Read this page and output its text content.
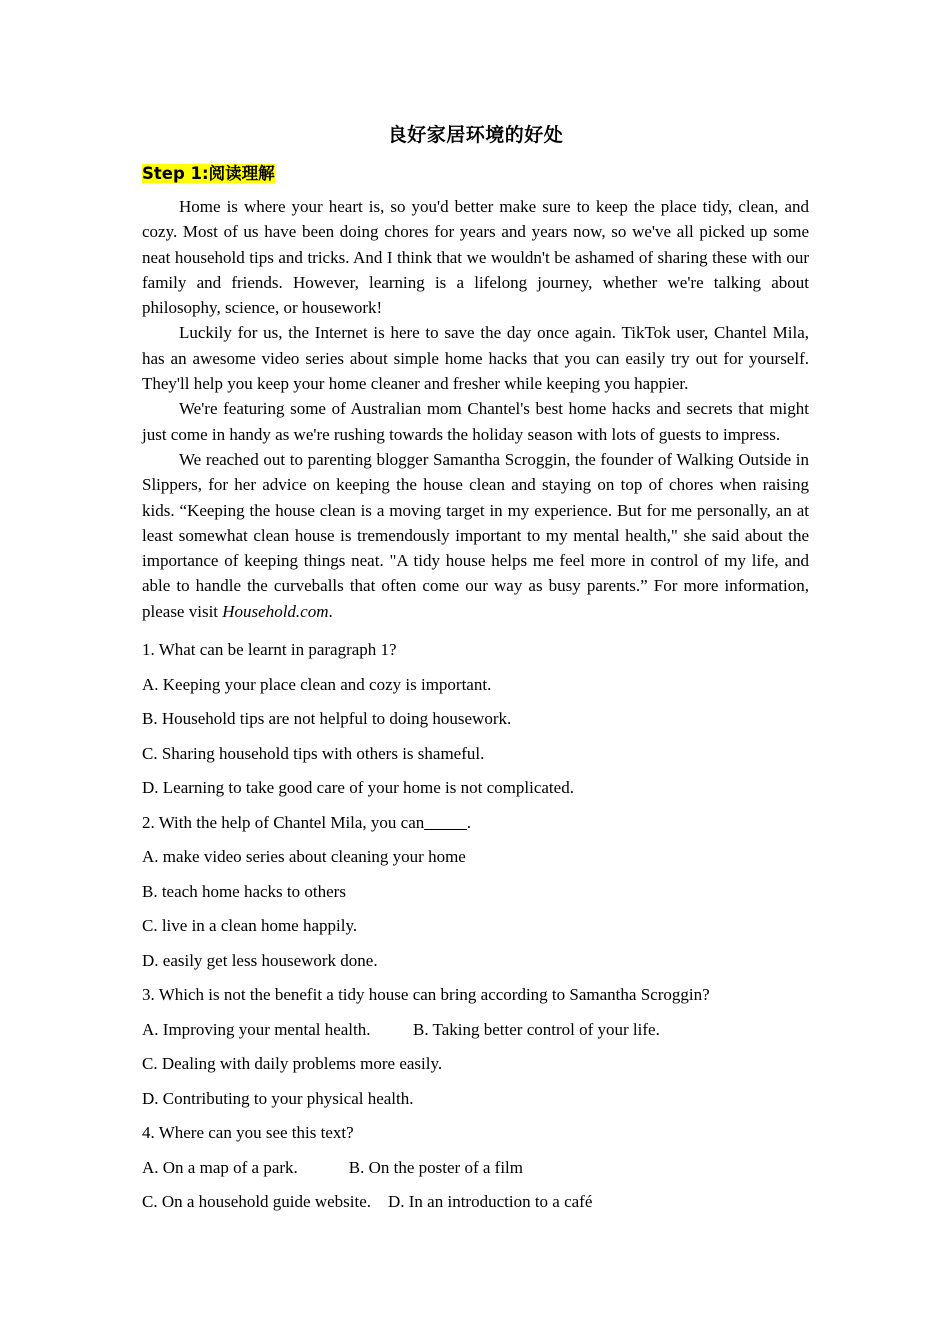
良好家居环境的好处
Step 1:阅读理解

Home is where your heart is, so you'd better make sure to keep the place tidy, clean, and cozy. Most of us have been doing chores for years and years now, so we've all picked up some neat household tips and tricks. And I think that we wouldn't be ashamed of sharing these with our family and friends. However, learning is a lifelong journey, whether we're talking about philosophy, science, or housework!

Luckily for us, the Internet is here to save the day once again. TikTok user, Chantel Mila, has an awesome video series about simple home hacks that you can easily try out for yourself. They'll help you keep your home cleaner and fresher while keeping you happier.

We're featuring some of Australian mom Chantel's best home hacks and secrets that might just come in handy as we're rushing towards the holiday season with lots of guests to impress.

We reached out to parenting blogger Samantha Scroggin, the founder of Walking Outside in Slippers, for her advice on keeping the house clean and staying on top of chores when raising kids. “Keeping the house clean is a moving target in my experience. But for me personally, an at least somewhat clean house is tremendously important to my mental health," she said about the importance of keeping things neat. "A tidy house helps me feel more in control of my life, and able to handle the curveballs that often come our way as busy parents.” For more information, please visit Household.com.

1. What can be learnt in paragraph 1?

A. Keeping your place clean and cozy is important.

B. Household tips are not helpful to doing housework.

C. Sharing household tips with others is shameful.

D. Learning to take good care of your home is not complicated.

2. With the help of Chantel Mila, you can_____.

A. make video series about cleaning your home

B. teach home hacks to others

C. live in a clean home happily.

D. easily get less housework done.

3. Which is not the benefit a tidy house can bring according to Samantha Scroggin?

A. Improving your mental health.          B. Taking better control of your life.

C. Dealing with daily problems more easily.

D. Contributing to your physical health.

4. Where can you see this text?

A. On a map of a park.            B. On the poster of a film

C. On a household guide website.    D. In an introduction to a café
